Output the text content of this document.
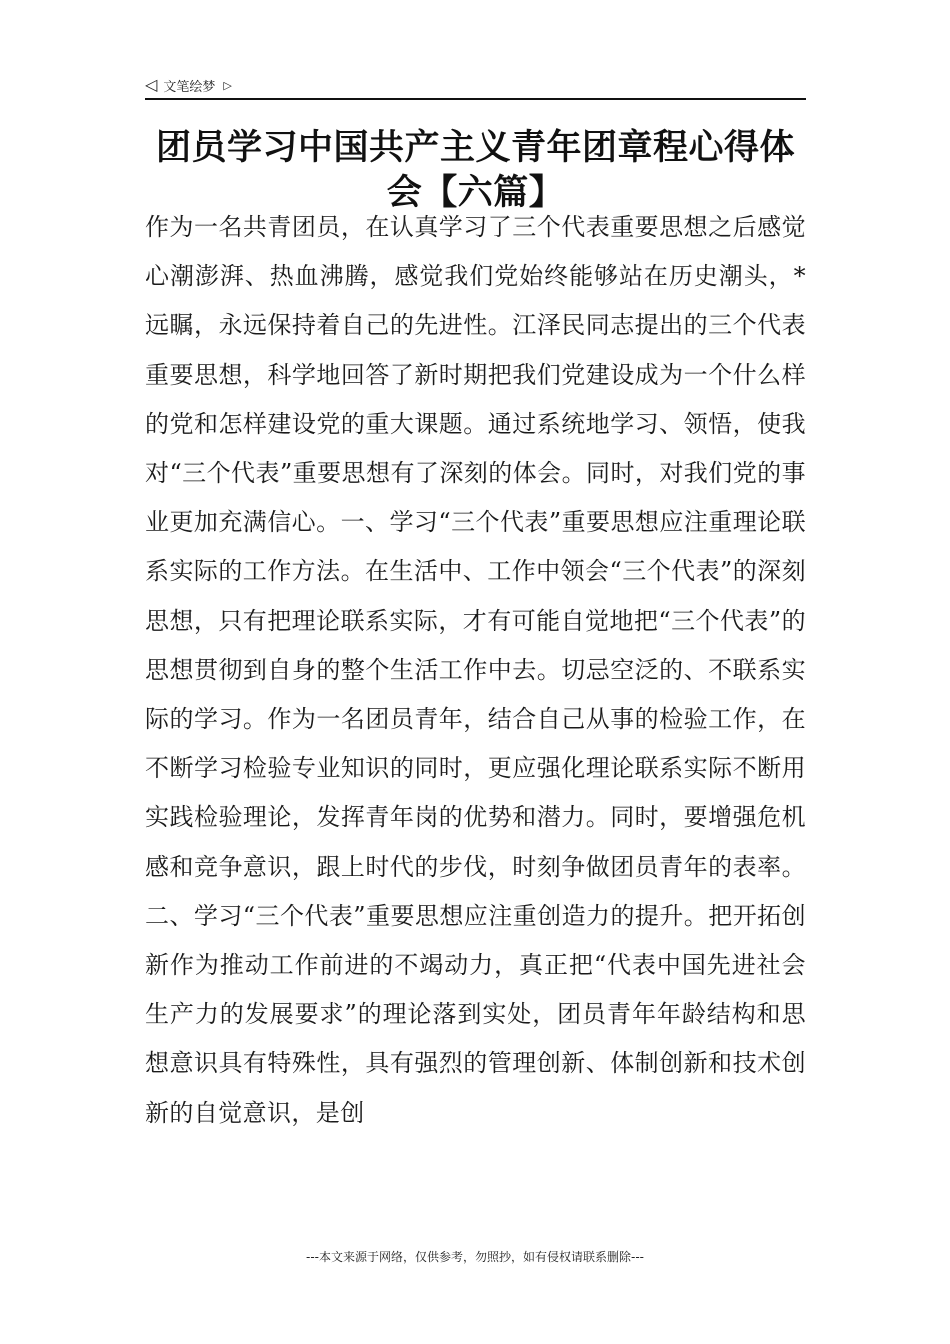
◁ 文笔绘梦 ▷
团员学习中国共产主义青年团章程心得体会【六篇】

作为一名共青团员，在认真学习了三个代表重要思想之后感觉心潮澎湃、热血沸腾，感觉我们党始终能够站在历史潮头，*远瞩，永远保持着自己的先进性。江泽民同志提出的三个代表重要思想，科学地回答了新时期把我们党建设成为一个什么样的党和怎样建设党的重大课题。通过系统地学习、领悟，使我对“三个代表”重要思想有了深刻的体会。同时，对我们党的事业更加充满信心。一、学习“三个代表”重要思想应注重理论联系实际的工作方法。在生活中、工作中领会“三个代表”的深刻思想，只有把理论联系实际，才有可能自觉地把“三个代表”的思想贯彻到自身的整个生活工作中去。切忌空泛的、不联系实际的学习。作为一名团员青年，结合自己从事的检验工作，在不断学习检验专业知识的同时，更应强化理论联系实际不断用实践检验理论，发挥青年岗的优势和潜力。同时，要增强危机感和竞争意识，跟上时代的步伐，时刻争做团员青年的表率。二、学习“三个代表”重要思想应注重创造力的提升。把开拓创新作为推动工作前进的不竭动力，真正把“代表中国先进社会生产力的发展要求”的理论落到实处，团员青年年龄结构和思想意识具有特殊性，具有强烈的管理创新、体制创新和技术创新的自觉意识，是创

---本文来源于网络，仅供参考，勿照抄，如有侵权请联系删除---
